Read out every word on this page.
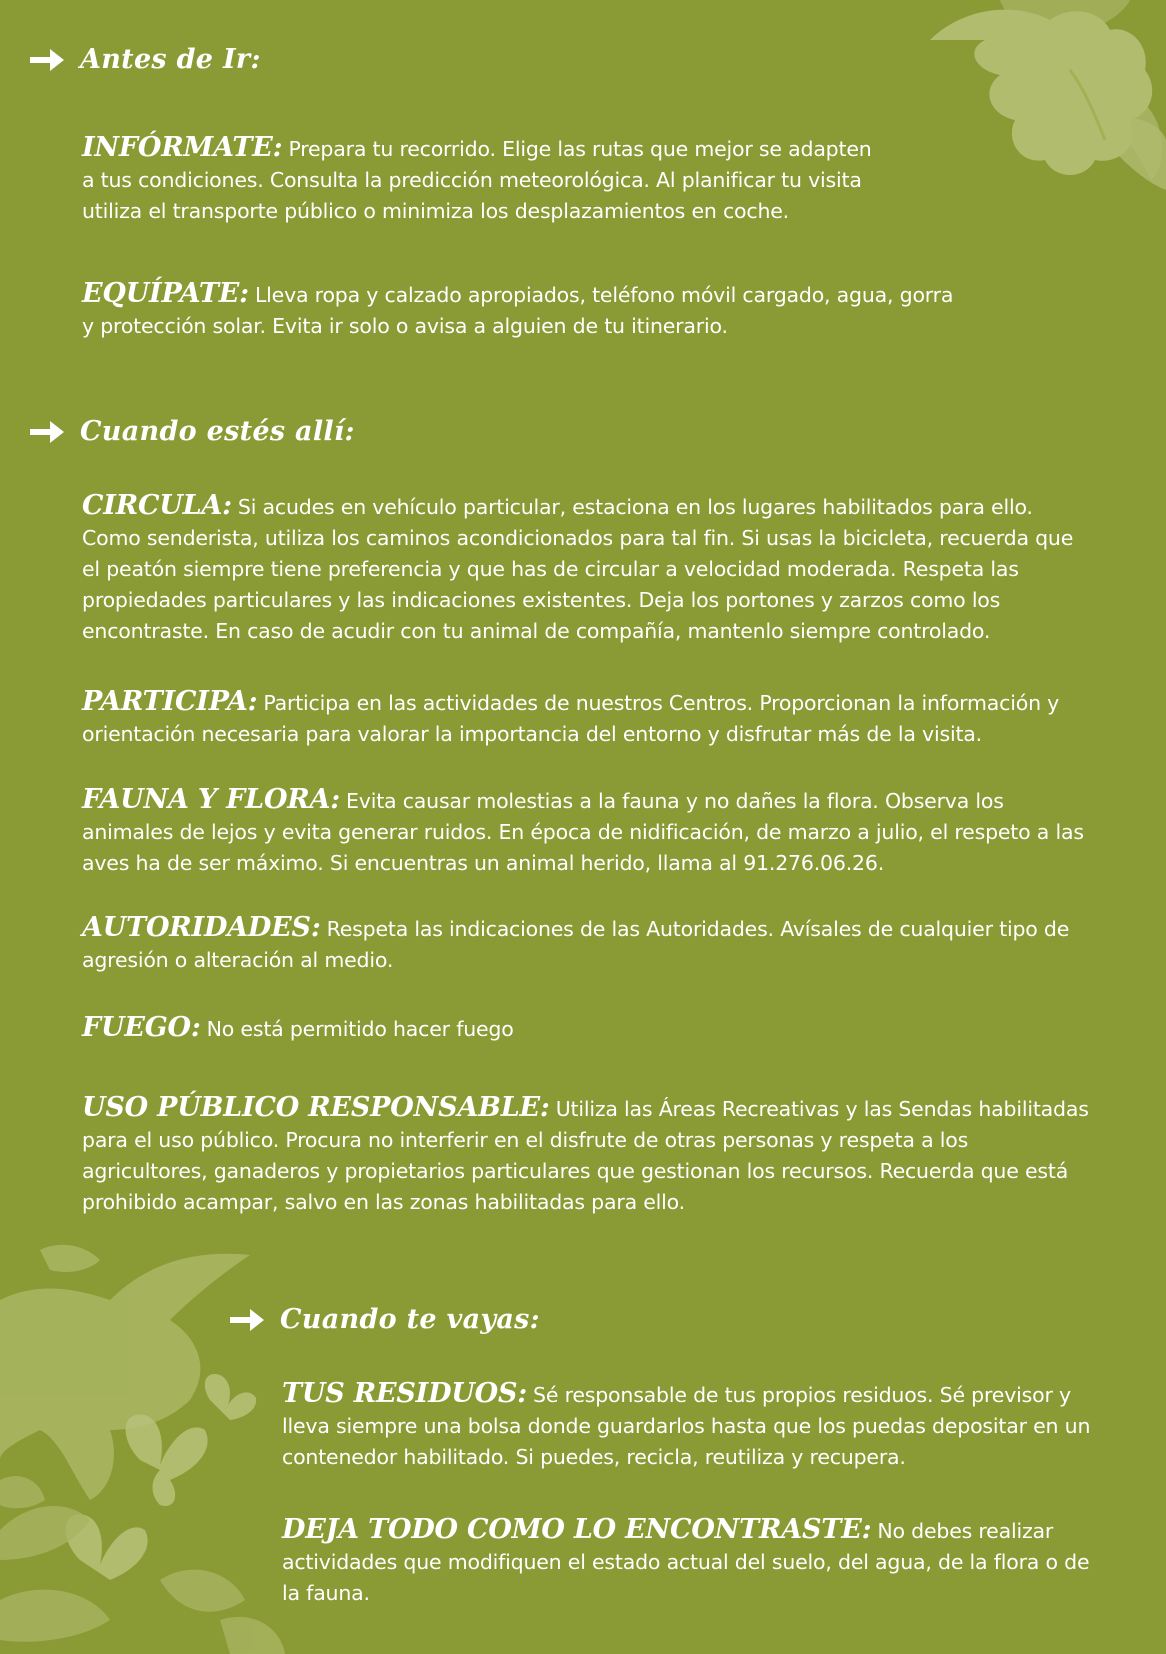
Antes de Ir:

INFÓRMATE: Prepara tu recorrido. Elige las rutas que mejor se adapten a tus condiciones. Consulta la predicción meteorológica. Al planificar tu visita utiliza el transporte público o minimiza los desplazamientos en coche.

EQUÍPATE: Lleva ropa y calzado apropiados, teléfono móvil cargado, agua, gorra y protección solar. Evita ir solo o avisa a alguien de tu itinerario.

Cuando estés allí:

CIRCULA: Si acudes en vehículo particular, estaciona en los lugares habilitados para ello. Como senderista, utiliza los caminos acondicionados para tal fin. Si usas la bicicleta, recuerda que el peatón siempre tiene preferencia y que has de circular a velocidad moderada. Respeta las propiedades particulares y las indicaciones existentes. Deja los portones y zarzos como los encontraste. En caso de acudir con tu animal de compañía, mantenlo siempre controlado.

PARTICIPA: Participa en las actividades de nuestros Centros. Proporcionan la información y orientación necesaria para valorar la importancia del entorno y disfrutar más de la visita.

FAUNA Y FLORA: Evita causar molestias a la fauna y no dañes la flora. Observa los animales de lejos y evita generar ruidos. En época de nidificación, de marzo a julio, el respeto a las aves ha de ser máximo. Si encuentras un animal herido, llama al 91.276.06.26.

AUTORIDADES: Respeta las indicaciones de las Autoridades. Avísales de cualquier tipo de agresión o alteración al medio.

FUEGO: No está permitido hacer fuego

USO PÚBLICO RESPONSABLE: Utiliza las Áreas Recreativas y las Sendas habilitadas para el uso público. Procura no interferir en el disfrute de otras personas y respeta a los agricultores, ganaderos y propietarios particulares que gestionan los recursos. Recuerda que está prohibido acampar, salvo en las zonas habilitadas para ello.

Cuando te vayas:

TUS RESIDUOS: Sé responsable de tus propios residuos. Sé previsor y lleva siempre una bolsa donde guardarlos hasta que los puedas depositar en un contenedor habilitado. Si puedes, recicla, reutiliza y recupera.

DEJA TODO COMO LO ENCONTRASTE: No debes realizar actividades que modifiquen el estado actual del suelo, del agua, de la flora o de la fauna.
